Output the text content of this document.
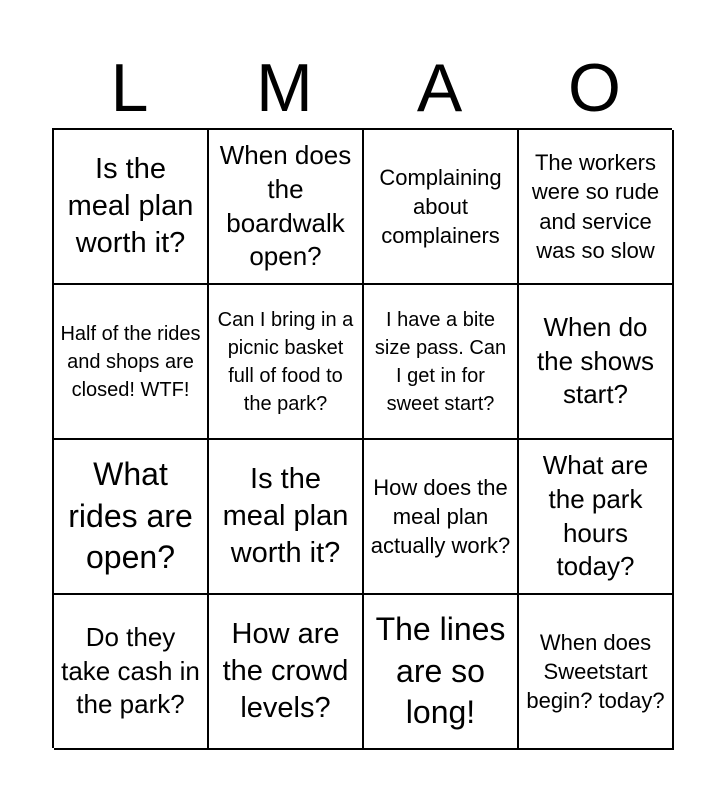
L	M	A	O
Is the meal plan worth it?
When does the boardwalk open?
Complaining about complainers
The workers were so rude and service was so slow
Half of the rides and shops are closed! WTF!
Can I bring in a picnic basket full of food to the park?
I have a bite size pass. Can I get in for sweet start?
When do the shows start?
What rides are open?
Is the meal plan worth it?
How does the meal plan actually work?
What are the park hours today?
Do they take cash in the park?
How are the crowd levels?
The lines are so long!
When does Sweetstart begin? today?
